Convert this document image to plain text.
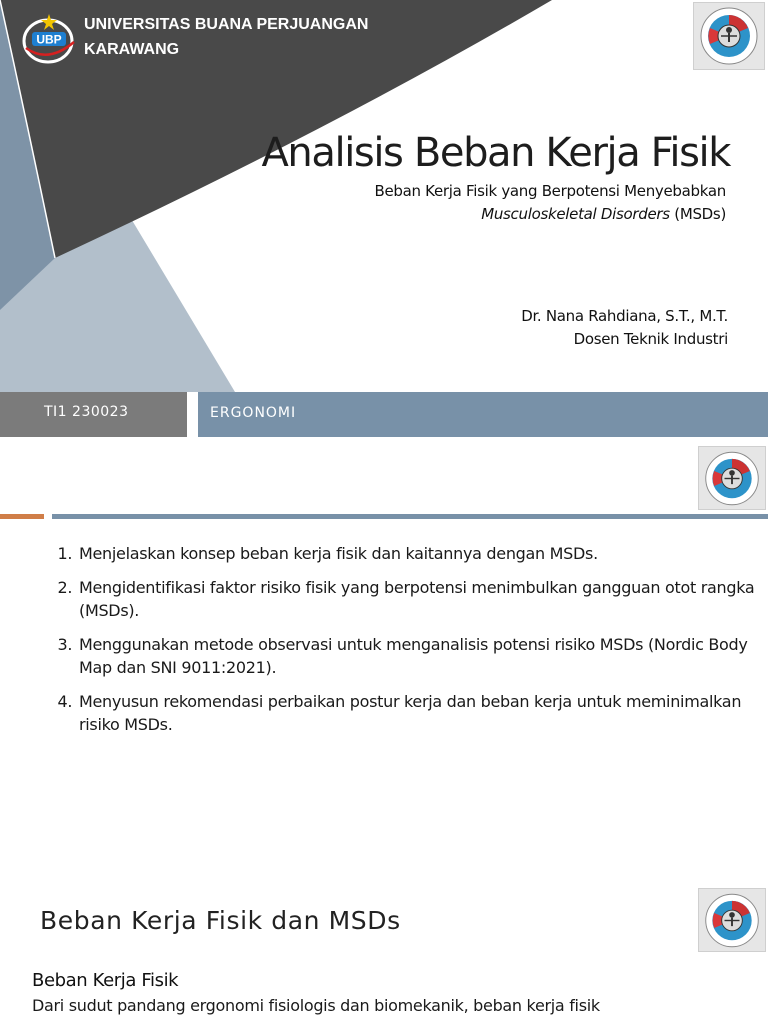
UBP
UNIVERSITAS BUANA PERJUANGAN
KARAWANG
Analisis Beban Kerja Fisik
Beban Kerja Fisik yang Berpotensi Menyebabkan
Musculoskeletal Disorders (MSDs)
Dr. Nana Rahdiana, S.T., M.T.
Dosen Teknik Industri
TI1 230023	ERGONOMI
1. Menjelaskan konsep beban kerja fisik dan kaitannya dengan MSDs.
2. Mengidentifikasi faktor risiko fisik yang berpotensi menimbulkan gangguan otot rangka (MSDs).
3. Menggunakan metode observasi untuk menganalisis potensi risiko MSDs (Nordic Body Map dan SNI 9011:2021).
4. Menyusun rekomendasi perbaikan postur kerja dan beban kerja untuk meminimalkan risiko MSDs.
Beban Kerja Fisik dan MSDs
Beban Kerja Fisik
Dari sudut pandang ergonomi fisiologis dan biomekanik, beban kerja fisik
